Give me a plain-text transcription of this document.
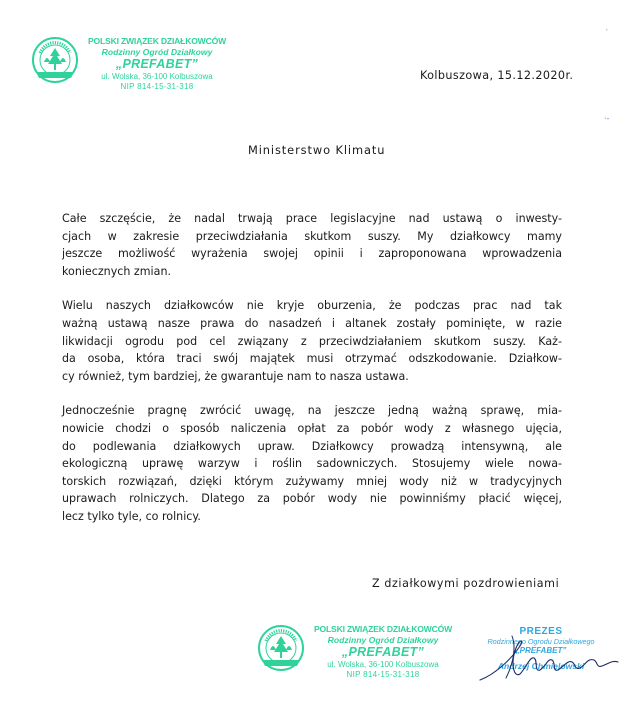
POLSKI ZWIĄZEK DZIAŁKOWCÓW
Rodzinny Ogród Działkowy
„PREFABET”
ul. Wolska, 36-100 Kolbuszowa
NIP 814-15-31-318
Kolbuszowa, 15.12.2020r.
Ministerstwo Klimatu

Całe szczęście, że nadal trwają prace legislacyjne nad ustawą o inwesty-
cjach w zakresie przeciwdziałania skutkom suszy. My działkowcy mamy
jeszcze możliwość wyrażenia swojej opinii i zaproponowana wprowadzenia
koniecznych zmian.

Wielu naszych działkowców nie kryje oburzenia, że podczas prac nad tak
ważną ustawą nasze prawa do nasadzeń i altanek zostały pominięte, w razie
likwidacji ogrodu pod cel związany z przeciwdziałaniem skutkom suszy. Każ-
da osoba, która traci swój majątek musi otrzymać odszkodowanie. Działkow-
cy również, tym bardziej, że gwarantuje nam to nasza ustawa.

Jednocześnie pragnę zwrócić uwagę, na jeszcze jedną ważną sprawę, mia-
nowicie chodzi o sposób naliczenia opłat za pobór wody z własnego ujęcia,
do podlewania działkowych upraw. Działkowcy prowadzą intensywną, ale
ekologiczną uprawę warzyw i roślin sadowniczych. Stosujemy wiele nowa-
torskich rozwiązań, dzięki którym zużywamy mniej wody niż w tradycyjnych
uprawach rolniczych. Dlatego za pobór wody nie powinniśmy płacić więcej,
lecz tylko tyle, co rolnicy.

Z działkowymi pozdrowieniami
POLSKI ZWIĄZEK DZIAŁKOWCÓW
Rodzinny Ogród Działkowy
„PREFABET”
ul. Wolska, 36-100 Kolbuszowa
NIP 814-15-31-318
PREZES
Rodzinnego Ogrodu Działkowego
„PREFABET”
Andrzej Chmielowski
′
·-
